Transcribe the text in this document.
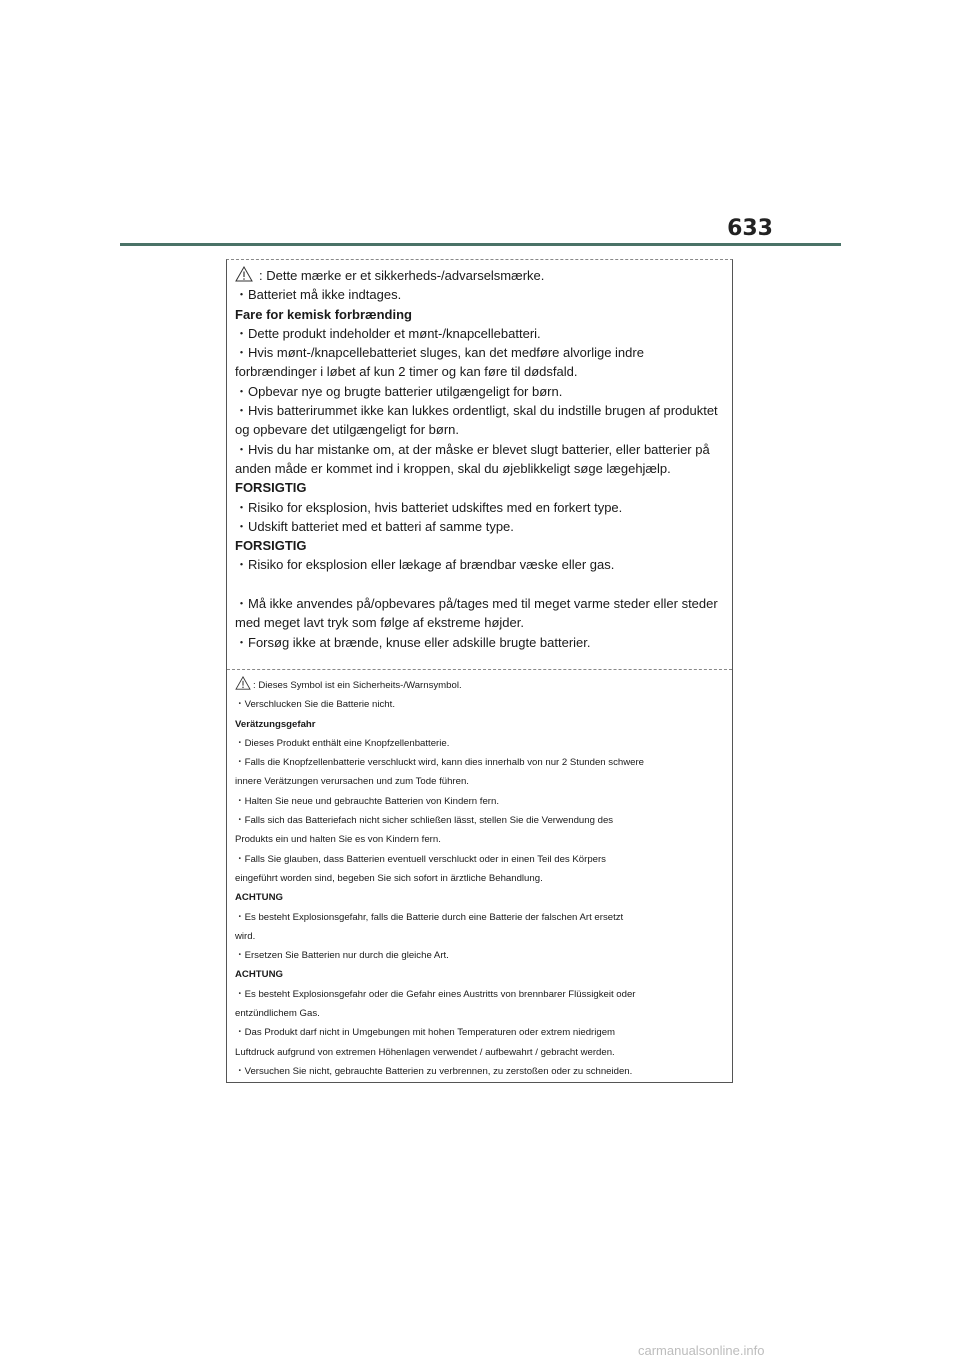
633
: Dette mærke er et sikkerheds-/advarselsmærke.
・Batteriet må ikke indtages.
Fare for kemisk forbrænding
・Dette produkt indeholder et mønt-/knapcellebatteri.
・Hvis mønt-/knapcellebatteriet sluges, kan det medføre alvorlige indre
forbrændinger i løbet af kun 2 timer og kan føre til dødsfald.
・Opbevar nye og brugte batterier utilgængeligt for børn.
・Hvis batterirummet ikke kan lukkes ordentligt, skal du indstille brugen af produktet
og opbevare det utilgængeligt for børn.
・Hvis du har mistanke om, at der måske er blevet slugt batterier, eller batterier på
anden måde er kommet ind i kroppen, skal du øjeblikkeligt søge lægehjælp.
FORSIGTIG
・Risiko for eksplosion, hvis batteriet udskiftes med en forkert type.
・Udskift batteriet med et batteri af samme type.
FORSIGTIG
・Risiko for eksplosion eller lækage af brændbar væske eller gas.
・Må ikke anvendes på/opbevares på/tages med til meget varme steder eller steder
med meget lavt tryk som følge af ekstreme højder.
・Forsøg ikke at brænde, knuse eller adskille brugte batterier.
: Dieses Symbol ist ein Sicherheits-/Warnsymbol.
・Verschlucken Sie die Batterie nicht.
Verätzungsgefahr
・Dieses Produkt enthält eine Knopfzellenbatterie.
・Falls die Knopfzellenbatterie verschluckt wird, kann dies innerhalb von nur 2 Stunden schwere
innere Verätzungen verursachen und zum Tode führen.
・Halten Sie neue und gebrauchte Batterien von Kindern fern.
・Falls sich das Batteriefach nicht sicher schließen lässt, stellen Sie die Verwendung des
Produkts ein und halten Sie es von Kindern fern.
・Falls Sie glauben, dass Batterien eventuell verschluckt oder in einen Teil des Körpers
eingeführt worden sind, begeben Sie sich sofort in ärztliche Behandlung.
ACHTUNG
・Es besteht Explosionsgefahr, falls die Batterie durch eine Batterie der falschen Art ersetzt
wird.
・Ersetzen Sie Batterien nur durch die gleiche Art.
ACHTUNG
・Es besteht Explosionsgefahr oder die Gefahr eines Austritts von brennbarer Flüssigkeit oder
entzündlichem Gas.
・Das Produkt darf nicht in Umgebungen mit hohen Temperaturen oder extrem niedrigem
Luftdruck aufgrund von extremen Höhenlagen verwendet / aufbewahrt / gebracht werden.
・Versuchen Sie nicht, gebrauchte Batterien zu verbrennen, zu zerstoßen oder zu schneiden.
carmanualsonline.info
